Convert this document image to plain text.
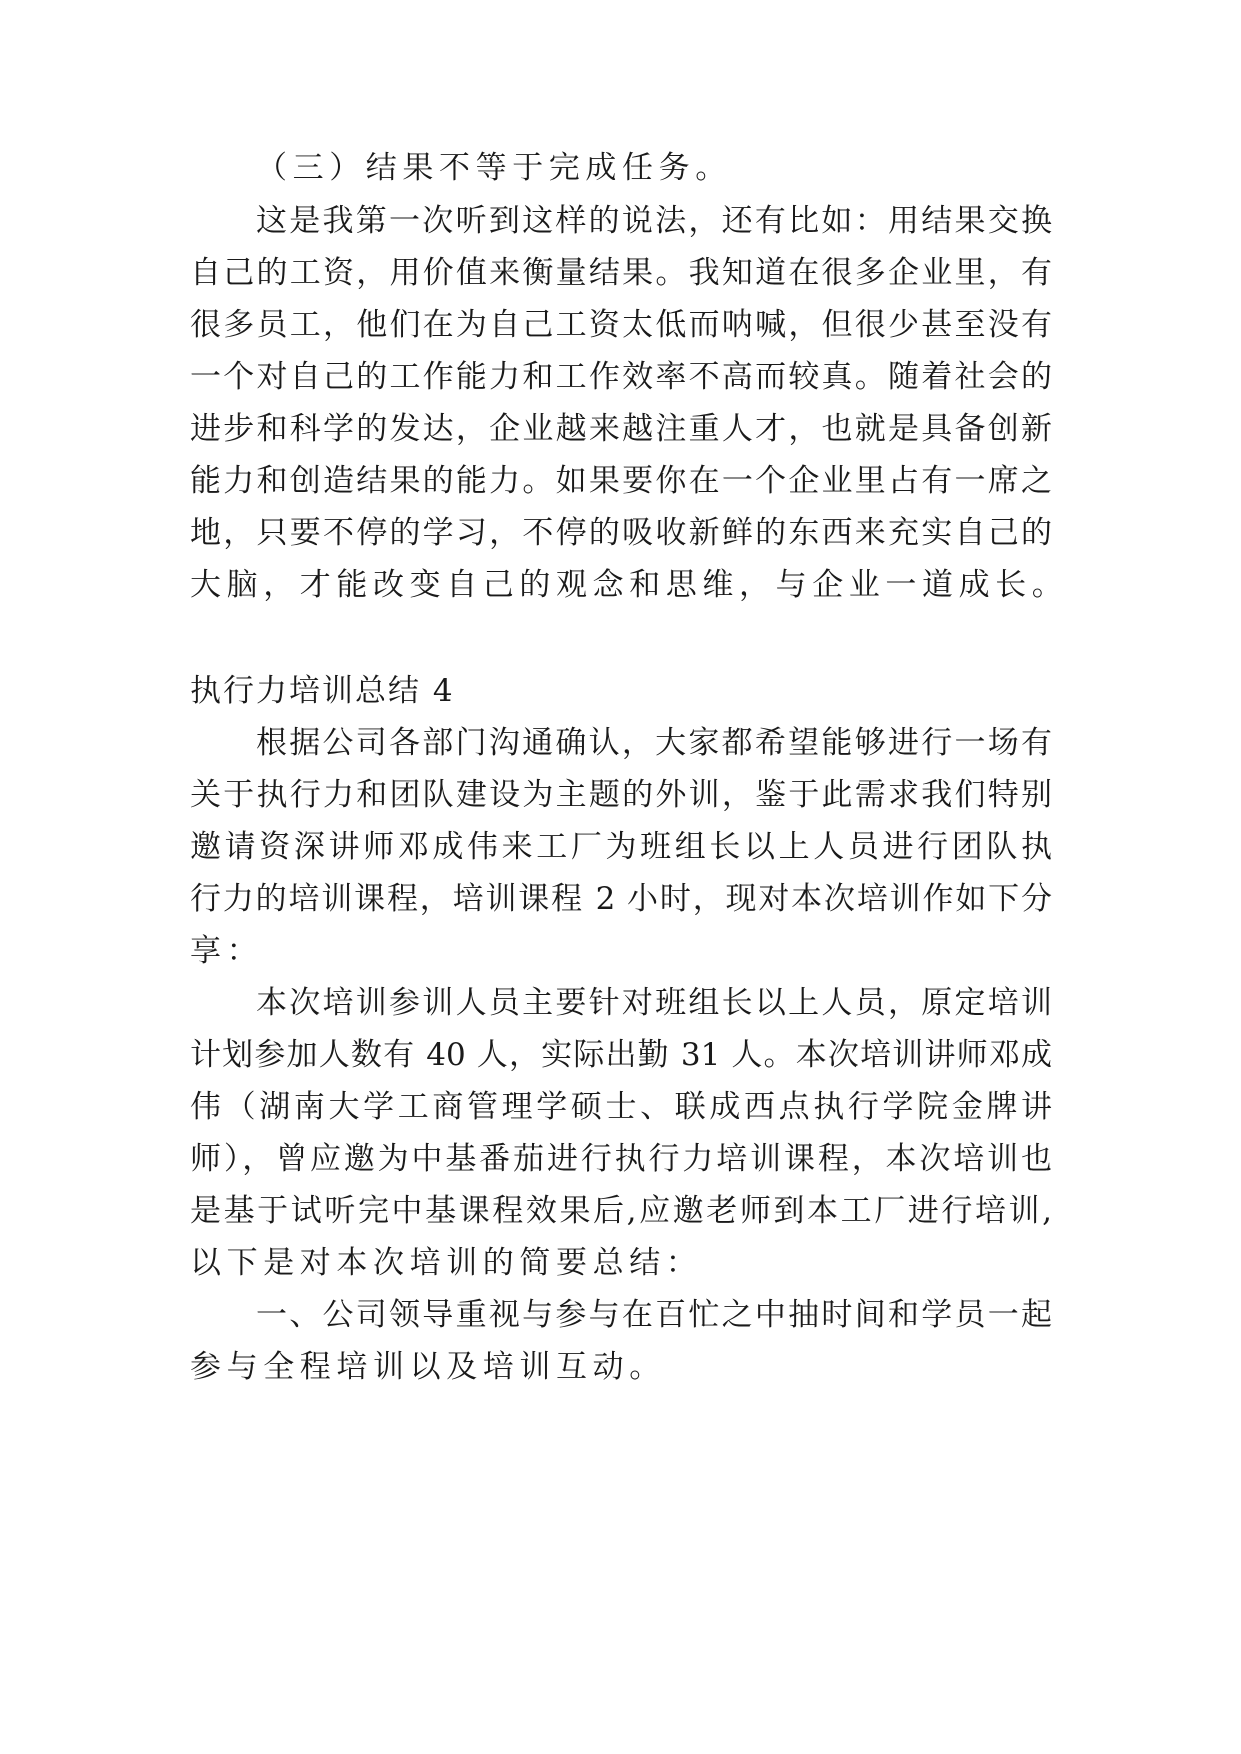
（三）结果不等于完成任务。
这是我第一次听到这样的说法，还有比如：用结果交换
自己的工资，用价值来衡量结果。我知道在很多企业里，有
很多员工，他们在为自己工资太低而呐喊，但很少甚至没有
一个对自己的工作能力和工作效率不高而较真。随着社会的
进步和科学的发达，企业越来越注重人才，也就是具备创新
能力和创造结果的能力。如果要你在一个企业里占有一席之
地，只要不停的学习，不停的吸收新鲜的东西来充实自己的
大脑，才能改变自己的观念和思维，与企业一道成长。
执行力培训总结 4
根据公司各部门沟通确认，大家都希望能够进行一场有
关于执行力和团队建设为主题的外训，鉴于此需求我们特别
邀请资深讲师邓成伟来工厂为班组长以上人员进行团队执
行力的培训课程，培训课程 2 小时，现对本次培训作如下分
享：
本次培训参训人员主要针对班组长以上人员，原定培训
计划参加人数有 40 人，实际出勤 31 人。本次培训讲师邓成
伟（湖南大学工商管理学硕士、联成西点执行学院金牌讲
师），曾应邀为中基番茄进行执行力培训课程，本次培训也
是基于试听完中基课程效果后,应邀老师到本工厂进行培训,
以下是对本次培训的简要总结：
一、公司领导重视与参与在百忙之中抽时间和学员一起
参与全程培训以及培训互动。
